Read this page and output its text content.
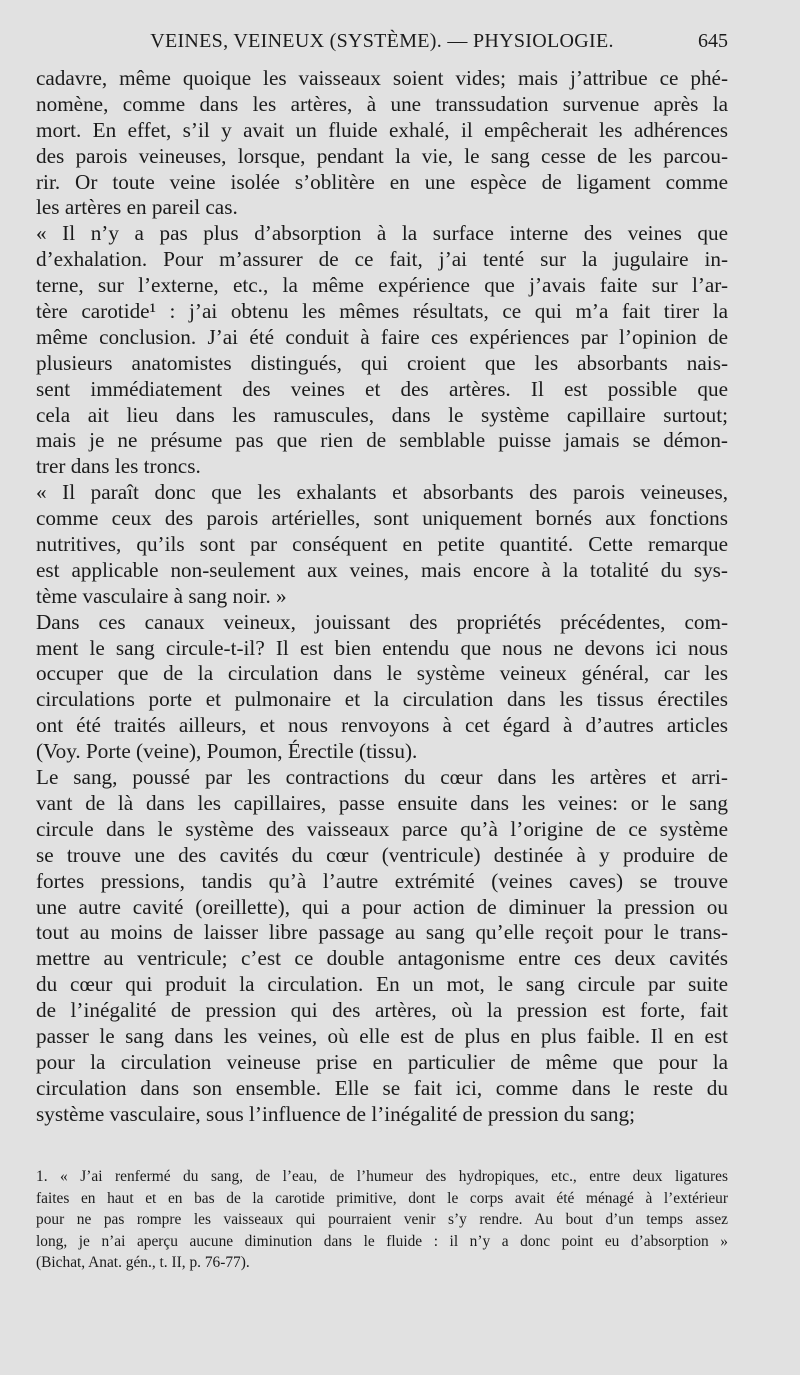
VEINES, VEINEUX (SYSTÈME). — PHYSIOLOGIE.	645
cadavre, même quoique les vaisseaux soient vides; mais j’attribue ce phé-
nomène, comme dans les artères, à une transsudation survenue après la
mort. En effet, s’il y avait un fluide exhalé, il empêcherait les adhérences
des parois veineuses, lorsque, pendant la vie, le sang cesse de les parcou-
rir. Or toute veine isolée s’oblitère en une espèce de ligament comme
les artères en pareil cas.
« Il n’y a pas plus d’absorption à la surface interne des veines que
d’exhalation. Pour m’assurer de ce fait, j’ai tenté sur la jugulaire in-
terne, sur l’externe, etc., la même expérience que j’avais faite sur l’ar-
tère carotide¹ : j’ai obtenu les mêmes résultats, ce qui m’a fait tirer la
même conclusion. J’ai été conduit à faire ces expériences par l’opinion de
plusieurs anatomistes distingués, qui croient que les absorbants nais-
sent immédiatement des veines et des artères. Il est possible que
cela ait lieu dans les ramuscules, dans le système capillaire surtout;
mais je ne présume pas que rien de semblable puisse jamais se démon-
trer dans les troncs.
« Il paraît donc que les exhalants et absorbants des parois veineuses,
comme ceux des parois artérielles, sont uniquement bornés aux fonctions
nutritives, qu’ils sont par conséquent en petite quantité. Cette remarque
est applicable non-seulement aux veines, mais encore à la totalité du sys-
tème vasculaire à sang noir. »
Dans ces canaux veineux, jouissant des propriétés précédentes, com-
ment le sang circule-t-il? Il est bien entendu que nous ne devons ici nous
occuper que de la circulation dans le système veineux général, car les
circulations porte et pulmonaire et la circulation dans les tissus érectiles
ont été traités ailleurs, et nous renvoyons à cet égard à d’autres articles
(Voy. Porte (veine), Poumon, Érectile (tissu).
Le sang, poussé par les contractions du cœur dans les artères et arri-
vant de là dans les capillaires, passe ensuite dans les veines: or le sang
circule dans le système des vaisseaux parce qu’à l’origine de ce système
se trouve une des cavités du cœur (ventricule) destinée à y produire de
fortes pressions, tandis qu’à l’autre extrémité (veines caves) se trouve
une autre cavité (oreillette), qui a pour action de diminuer la pression ou
tout au moins de laisser libre passage au sang qu’elle reçoit pour le trans-
mettre au ventricule; c’est ce double antagonisme entre ces deux cavités
du cœur qui produit la circulation. En un mot, le sang circule par suite
de l’inégalité de pression qui des artères, où la pression est forte, fait
passer le sang dans les veines, où elle est de plus en plus faible. Il en est
pour la circulation veineuse prise en particulier de même que pour la
circulation dans son ensemble. Elle se fait ici, comme dans le reste du
système vasculaire, sous l’influence de l’inégalité de pression du sang;
1. « J’ai renfermé du sang, de l’eau, de l’humeur des hydropiques, etc., entre deux ligatures
faites en haut et en bas de la carotide primitive, dont le corps avait été ménagé à l’extérieur
pour ne pas rompre les vaisseaux qui pourraient venir s’y rendre. Au bout d’un temps assez
long, je n’ai aperçu aucune diminution dans le fluide : il n’y a donc point eu d’absorption »
(Bichat, Anat. gén., t. II, p. 76-77).
